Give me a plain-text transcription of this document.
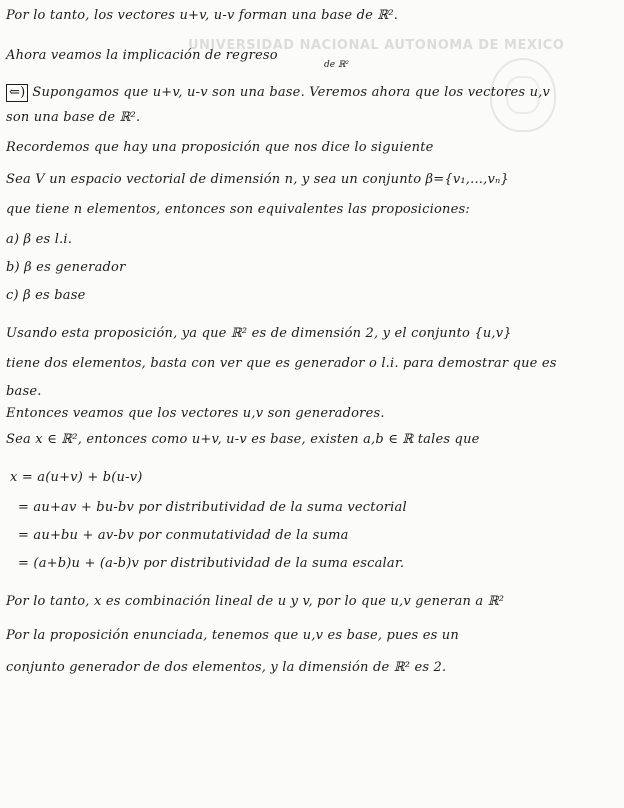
UNIVERSIDAD NACIONAL AUTONOMA DE MEXICO
Por lo tanto, los vectores u+v, u-v forman una base de ℝ².
Ahora veamos la implicación de regreso
de ℝ²
⇐) Supongamos que u+v, u-v son una base. Veremos ahora que los vectores u,v
son una base de ℝ².
Recordemos que hay una proposición que nos dice lo siguiente
Sea V un espacio vectorial de dimensión n, y sea un conjunto β={v₁,...,vₙ}
que tiene n elementos, entonces son equivalentes las proposiciones:
a) β es l.i.
b) β es generador
c) β es base
Usando esta proposición, ya que ℝ² es de dimensión 2, y el conjunto {u,v}
tiene dos elementos, basta con ver que es generador o l.i. para demostrar que es
base.
Entonces veamos que los vectores u,v son generadores.
Sea x ∈ ℝ², entonces como u+v, u-v es base, existen a,b ∈ ℝ tales que
x = a(u+v) + b(u-v)
= au+av + bu-bv por distributividad de la suma vectorial
= au+bu + av-bv por conmutatividad de la suma
= (a+b)u + (a-b)v por distributividad de la suma escalar.
Por lo tanto, x es combinación lineal de u y v, por lo que u,v generan a ℝ²
Por la proposición enunciada, tenemos que u,v es base, pues es un
conjunto generador de dos elementos, y la dimensión de ℝ² es 2.
